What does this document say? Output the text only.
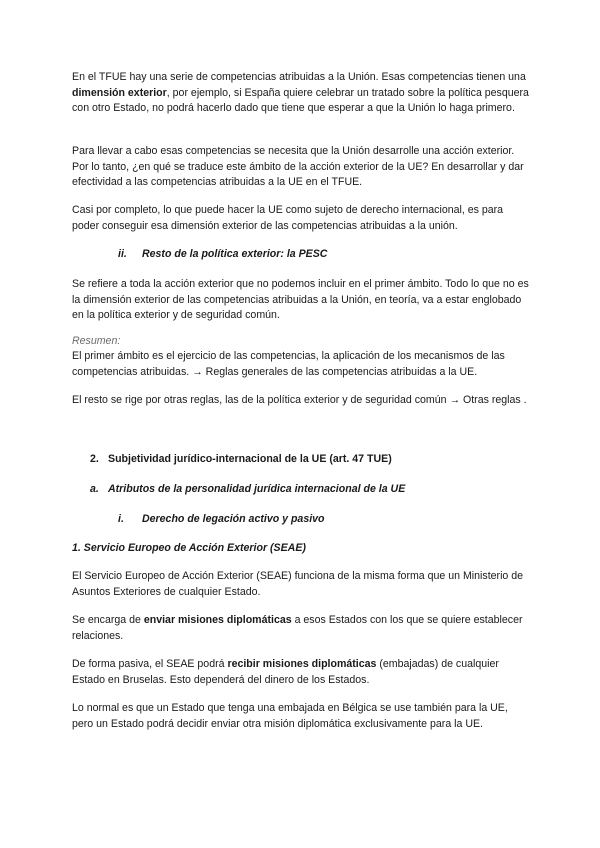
En el TFUE hay una serie de competencias atribuidas a la Unión. Esas competencias tienen una dimensión exterior, por ejemplo, si España quiere celebrar un tratado sobre la política pesquera con otro Estado, no podrá hacerlo dado que tiene que esperar a que la Unión lo haga primero.

Para llevar a cabo esas competencias se necesita que la Unión desarrolle una acción exterior. Por lo tanto, ¿en qué se traduce este ámbito de la acción exterior de la UE? En desarrollar y dar efectividad a las competencias atribuidas a la UE en el TFUE.

Casi por completo, lo que puede hacer la UE como sujeto de derecho internacional, es para poder conseguir esa dimensión exterior de las competencias atribuidas a la unión.

ii. Resto de la política exterior: la PESC

Se refiere a toda la acción exterior que no podemos incluir en el primer ámbito. Todo lo que no es la dimensión exterior de las competencias atribuidas a la Unión, en teoría, va a estar englobado en la política exterior y de seguridad común.

Resumen:

El primer ámbito es el ejercicio de las competencias, la aplicación de los mecanismos de las competencias atribuidas. → Reglas generales de las competencias atribuidas a la UE.

El resto se rige por otras reglas, las de la política exterior y de seguridad común → Otras reglas .

2. Subjetividad jurídico-internacional de la UE (art. 47 TUE)

a. Atributos de la personalidad jurídica internacional de la UE

i. Derecho de legación activo y pasivo

1. Servicio Europeo de Acción Exterior (SEAE)

El Servicio Europeo de Acción Exterior (SEAE) funciona de la misma forma que un Ministerio de Asuntos Exteriores de cualquier Estado.

Se encarga de enviar misiones diplomáticas a esos Estados con los que se quiere establecer relaciones.

De forma pasiva, el SEAE podrá recibir misiones diplomáticas (embajadas) de cualquier Estado en Bruselas. Esto dependerá del dinero de los Estados.

Lo normal es que un Estado que tenga una embajada en Bélgica se use también para la UE, pero un Estado podrá decidir enviar otra misión diplomática exclusivamente para la UE.
